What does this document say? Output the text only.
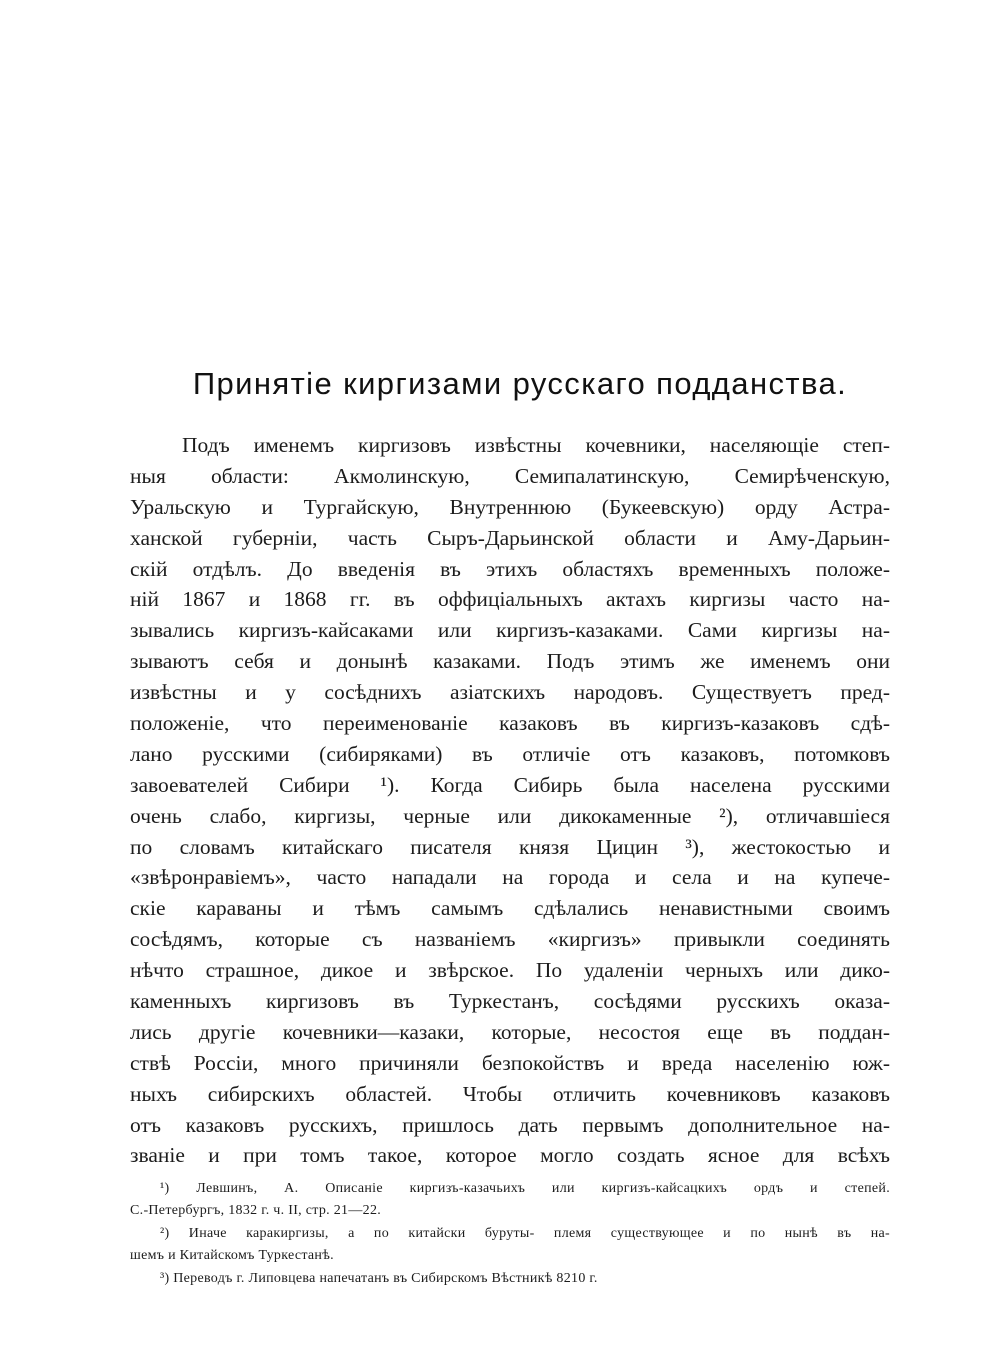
Принятіе киргизами русскаго подданства.
Подъ именемъ киргизовъ извѣстны кочевники, населяющіе степ-
ныя области: Акмолинскую, Семипалатинскую, Семирѣченскую,
Уральскую и Тургайскую, Внутреннюю (Букеевскую) орду Астра-
ханской губерніи, часть Сыръ-Дарьинской области и Аму-Дарьин-
скій отдѣлъ. До введенія въ этихъ областяхъ временныхъ положе-
ній 1867 и 1868 гг. въ оффиціальныхъ актахъ киргизы часто на-
зывались киргизъ-кайсаками или киргизъ-казаками. Сами киргизы на-
зываютъ себя и донынѣ казаками. Подъ этимъ же именемъ они
извѣстны и у сосѣднихъ азіатскихъ народовъ. Существуетъ пред-
положеніе, что переименованіе казаковъ въ киргизъ-казаковъ сдѣ-
лано русскими (сибиряками) въ отличіе отъ казаковъ, потомковъ
завоевателей Сибири ¹). Когда Сибирь была населена русскими
очень слабо, киргизы, черные или дикокаменные ²), отличавшіеся
по словамъ китайскаго писателя князя Цицин ³), жестокостью и
«звѣронравіемъ», часто нападали на города и села и на купече-
скіе караваны и тѣмъ самымъ сдѣлались ненавистными своимъ
сосѣдямъ, которые съ названіемъ «киргизъ» привыкли соединять
нѣчто страшное, дикое и звѣрское. По удаленіи черныхъ или дико-
каменныхъ киргизовъ въ Туркестанъ, сосѣдями русскихъ оказа-
лись другіе кочевники—казаки, которые, несостоя еще въ поддан-
ствѣ Россіи, много причиняли безпокойствъ и вреда населенію юж-
ныхъ сибирскихъ областей. Чтобы отличить кочевниковъ казаковъ
отъ казаковъ русскихъ, пришлось дать первымъ дополнительное на-
званіе и при томъ такое, которое могло создать ясное для всѣхъ
¹) Левшинъ, А. Описаніе киргизъ-казачьихъ или киргизъ-кайсацкихъ ордъ и степей.
С.-Петербургъ, 1832 г. ч. II, стр. 21—22.
²) Иначе каракиргизы, а по китайски буруты- племя существующее и по нынѣ въ на-
шемъ и Китайскомъ Туркестанѣ.
³) Переводъ г. Липовцева напечатанъ въ Сибирскомъ Вѣстникѣ 8210 г.
